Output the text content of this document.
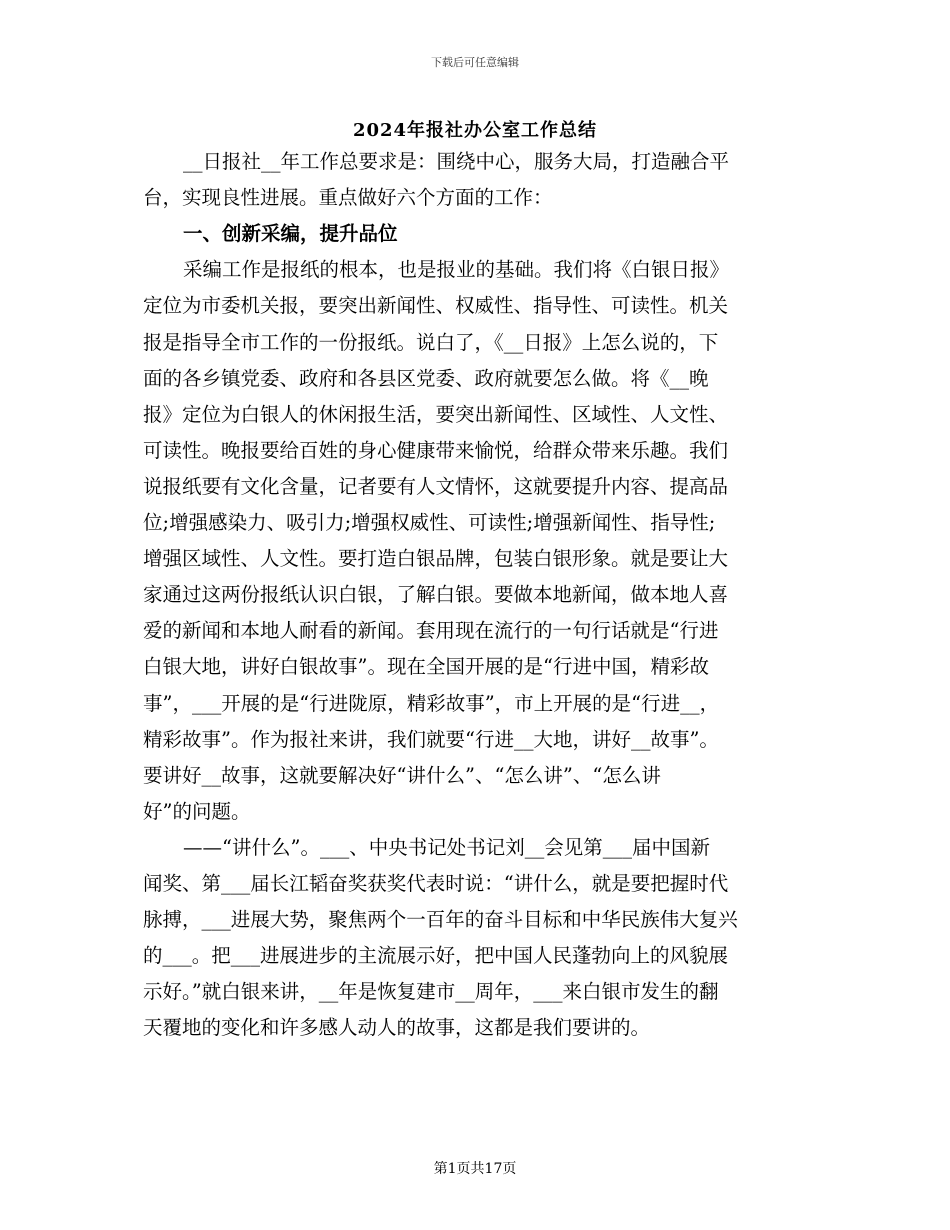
下载后可任意编辑
2024年报社办公室工作总结
__日报社__年工作总要求是：围绕中心，服务大局，打造融合平
台，实现良性进展。重点做好六个方面的工作：
一、创新采编，提升品位
采编工作是报纸的根本，也是报业的基础。我们将《白银日报》
定位为市委机关报，要突出新闻性、权威性、指导性、可读性。机关
报是指导全市工作的一份报纸。说白了，《__日报》上怎么说的，下
面的各乡镇党委、政府和各县区党委、政府就要怎么做。将《__晚
报》定位为白银人的休闲报生活，要突出新闻性、区域性、人文性、
可读性。晚报要给百姓的身心健康带来愉悦，给群众带来乐趣。我们
说报纸要有文化含量，记者要有人文情怀，这就要提升内容、提高品
位;增强感染力、吸引力;增强权威性、可读性;增强新闻性、指导性;
增强区域性、人文性。要打造白银品牌，包装白银形象。就是要让大
家通过这两份报纸认识白银，了解白银。要做本地新闻，做本地人喜
爱的新闻和本地人耐看的新闻。套用现在流行的一句行话就是“行进
白银大地，讲好白银故事”。现在全国开展的是“行进中国，精彩故
事”，___开展的是“行进陇原，精彩故事”，市上开展的是“行进__，
精彩故事”。作为报社来讲，我们就要“行进__大地，讲好__故事”。
要讲好__故事，这就要解决好“讲什么”、“怎么讲”、“怎么讲
好”的问题。
——“讲什么”。___、中央书记处书记刘__会见第___届中国新
闻奖、第___届长江韬奋奖获奖代表时说：“讲什么，就是要把握时代
脉搏，___进展大势，聚焦两个一百年的奋斗目标和中华民族伟大复兴
的___。把___进展进步的主流展示好，把中国人民蓬勃向上的风貌展
示好。”就白银来讲，__年是恢复建市__周年，___来白银市发生的翻
天覆地的变化和许多感人动人的故事，这都是我们要讲的。
第1页共17页
